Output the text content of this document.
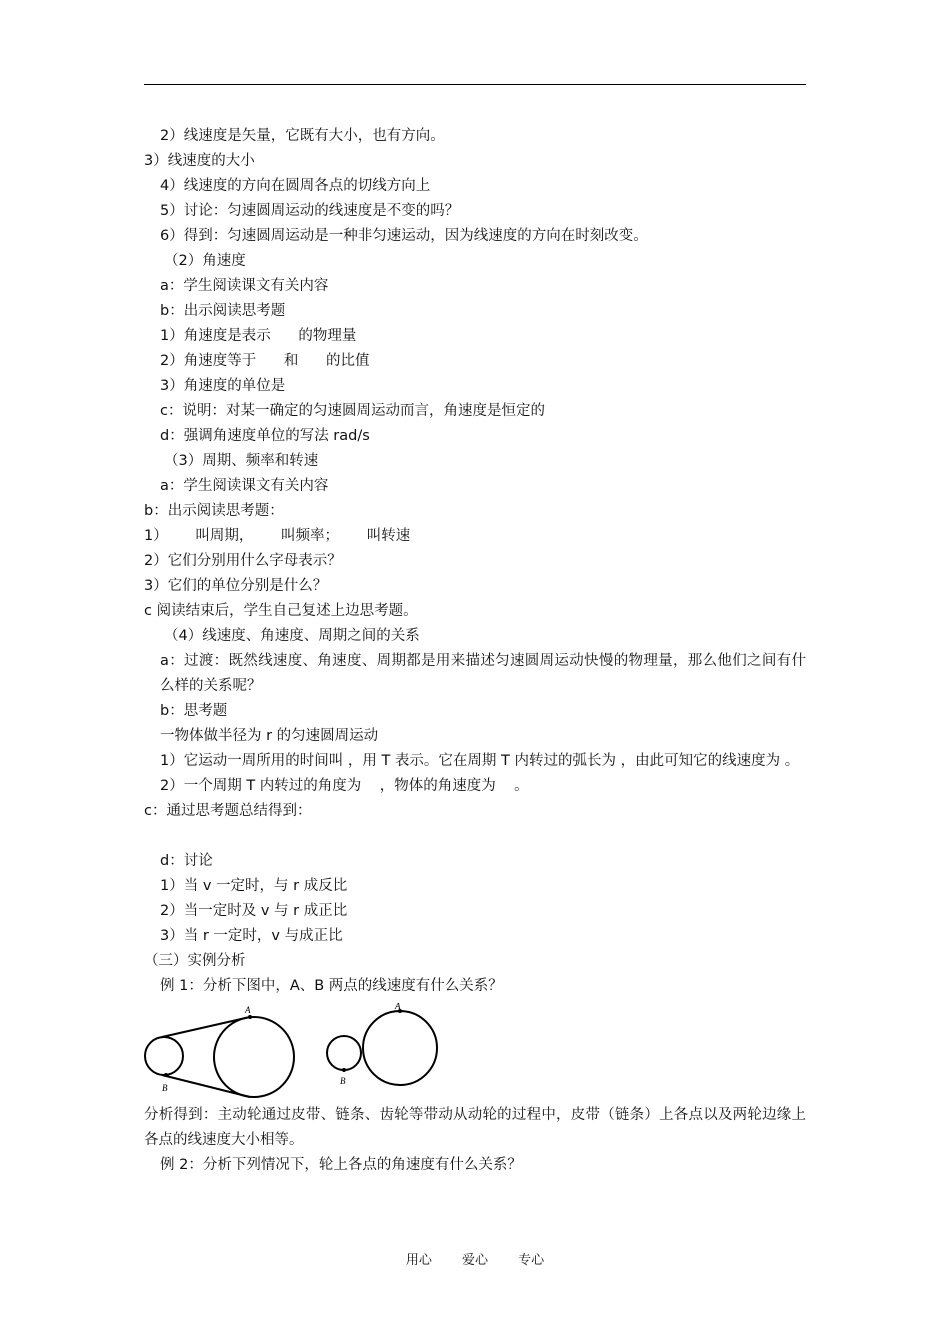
2）线速度是矢量，它既有大小，也有方向。
3）线速度的大小
4）线速度的方向在圆周各点的切线方向上
5）讨论：匀速圆周运动的线速度是不变的吗？
6）得到：匀速圆周运动是一种非匀速运动，因为线速度的方向在时刻改变。
（2）角速度
a：学生阅读课文有关内容
b：出示阅读思考题
1）角速度是表示      的物理量
2）角速度等于      和      的比值
3）角速度的单位是
c：说明：对某一确定的匀速圆周运动而言，角速度是恒定的
d：强调角速度单位的写法 rad/s
（3）周期、频率和转速
a：学生阅读课文有关内容
b：出示阅读思考题：
1）      叫周期，      叫频率；      叫转速
2）它们分别用什么字母表示？
3）它们的单位分别是什么？
c 阅读结束后，学生自己复述上边思考题。
（4）线速度、角速度、周期之间的关系
a：过渡：既然线速度、角速度、周期都是用来描述匀速圆周运动快慢的物理量，那么他们之间有什么样的关系呢？
b：思考题
一物体做半径为 r 的匀速圆周运动
1）它运动一周所用的时间叫 ，用 T 表示。它在周期 T 内转过的弧长为 ，由此可知它的线速度为 。
2）一个周期 T 内转过的角度为    ，物体的角速度为    。
c：通过思考题总结得到：
d：讨论
1）当 v 一定时，与 r 成反比
2）当一定时及 v 与 r 成正比
3）当 r 一定时，v 与成正比
（三）实例分析
例 1：分析下图中，A、B 两点的线速度有什么关系？
A
B
A
B
分析得到：主动轮通过皮带、链条、齿轮等带动从动轮的过程中，皮带（链条）上各点以及两轮边缘上各点的线速度大小相等。
例 2：分析下列情况下，轮上各点的角速度有什么关系？
用心 爱心 专心
